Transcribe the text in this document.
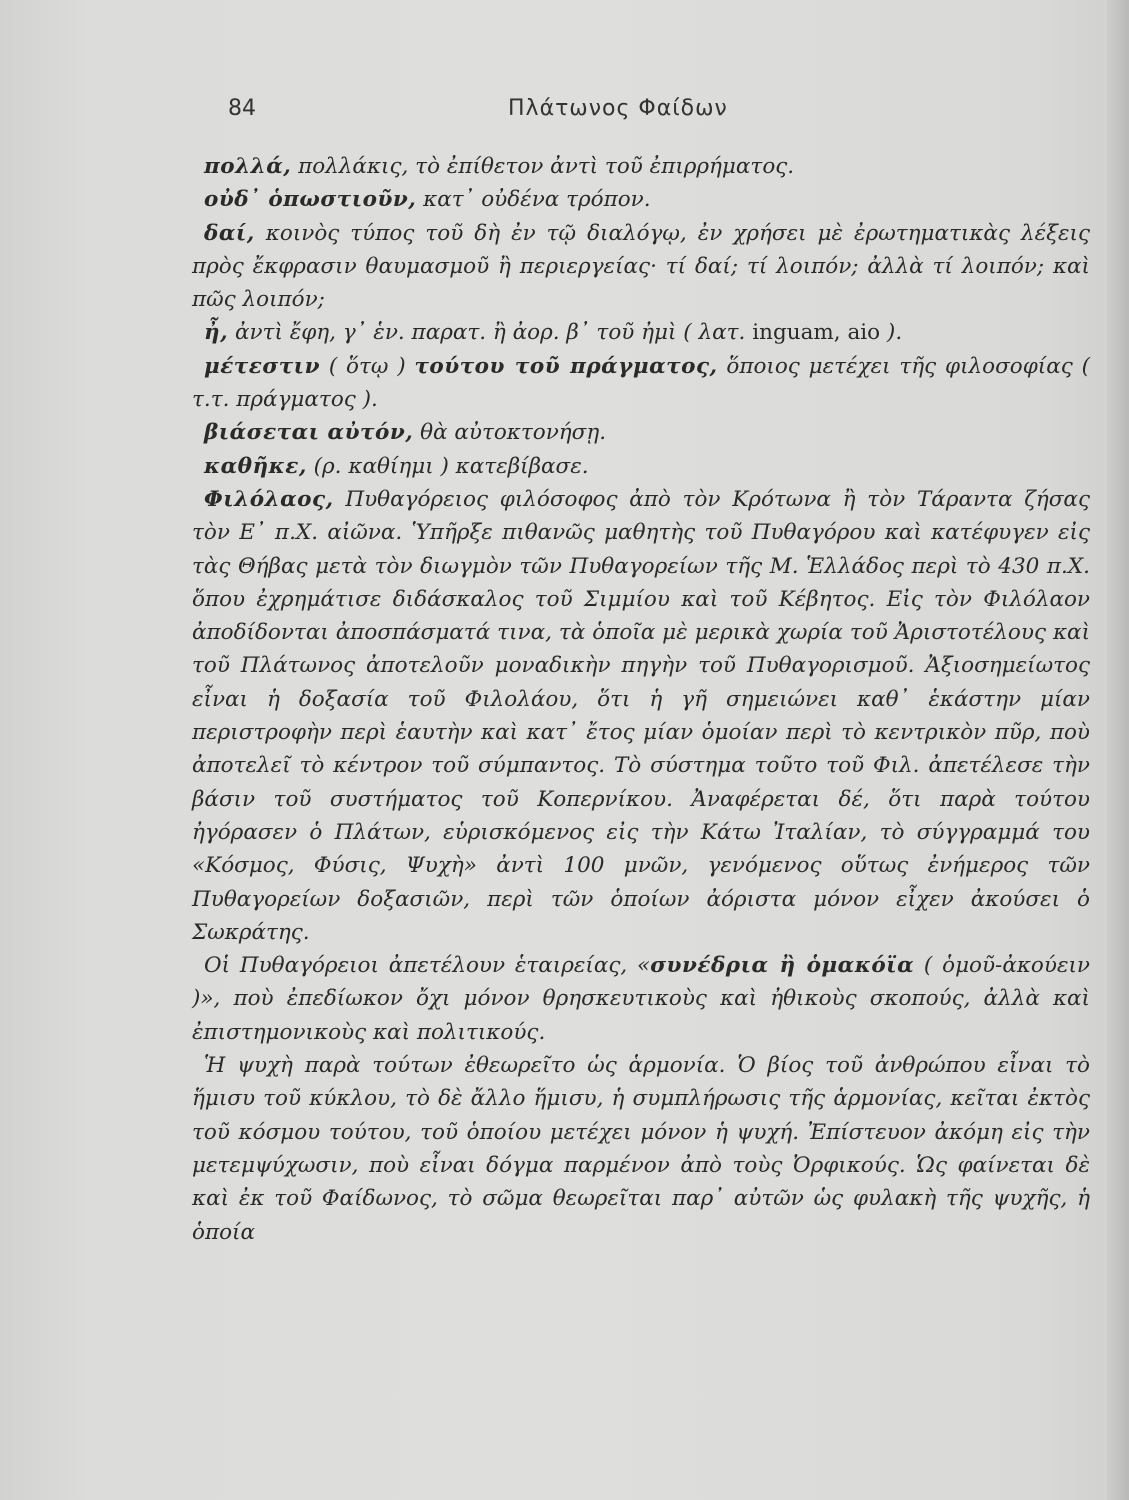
84	Πλάτωνος Φαίδων

πολλά, πολλάκις, τὸ ἐπίθετον ἀντὶ τοῦ ἐπιρρήματος.

οὐδ᾽ ὁπωστιοῦν, κατ᾽ οὐδένα τρόπον.

δαί, κοινὸς τύπος τοῦ δὴ ἐν τῷ διαλόγῳ, ἐν χρήσει μὲ ἐρωτηματικὰς λέξεις πρὸς ἔκφρασιν θαυμασμοῦ ἢ περιεργείας· τί δαί; τί λοιπόν; ἀλλὰ τί λοιπόν; καὶ πῶς λοιπόν;

ἦ, ἀντὶ ἔφη, γ᾽ ἑν. παρατ. ἢ ἀορ. β᾽ τοῦ ἠμὶ ( λατ. inguam, aio ).

μέτεστιν ( ὅτῳ ) τούτου τοῦ πράγματος, ὅποιος μετέχει τῆς φιλοσοφίας ( τ.τ. πράγματος ).

βιάσεται αὐτόν, θὰ αὐτοκτονήσῃ.

καθῆκε, (ρ. καθίημι ) κατεβίβασε.

Φιλόλαος, Πυθαγόρειος φιλόσοφος ἀπὸ τὸν Κρότωνα ἢ τὸν Τάραντα ζήσας τὸν Ε᾽ π.Χ. αἰῶνα. Ὑπῆρξε πιθανῶς μαθητὴς τοῦ Πυθαγόρου καὶ κατέφυγεν εἰς τὰς Θήβας μετὰ τὸν διωγμὸν τῶν Πυθαγορείων τῆς Μ. Ἑλλάδος περὶ τὸ 430 π.Χ. ὅπου ἐχρημάτισε διδάσκαλος τοῦ Σιμμίου καὶ τοῦ Κέβητος. Εἰς τὸν Φιλόλαον ἀποδίδονται ἀποσπάσματά τινα, τὰ ὁποῖα μὲ μερικὰ χωρία τοῦ Ἀριστοτέλους καὶ τοῦ Πλάτωνος ἀποτελοῦν μοναδικὴν πηγὴν τοῦ Πυθαγορισμοῦ. Ἀξιοσημείωτος εἶναι ἡ δοξασία τοῦ Φιλολάου, ὅτι ἡ γῆ σημειώνει καθ᾽ ἑκάστην μίαν περιστροφὴν περὶ ἑαυτὴν καὶ κατ᾽ ἔτος μίαν ὁμοίαν περὶ τὸ κεντρικὸν πῦρ, ποὺ ἀποτελεῖ τὸ κέντρον τοῦ σύμπαντος. Τὸ σύστημα τοῦτο τοῦ Φιλ. ἀπετέλεσε τὴν βάσιν τοῦ συστήματος τοῦ Κοπερνίκου. Ἀναφέρεται δέ, ὅτι παρὰ τούτου ἠγόρασεν ὁ Πλάτων, εὑρισκόμενος εἰς τὴν Κάτω Ἰταλίαν, τὸ σύγγραμμά του «Κόσμος, Φύσις, Ψυχὴ» ἀντὶ 100 μνῶν, γενόμενος οὕτως ἐνήμερος τῶν Πυθαγορείων δοξασιῶν, περὶ τῶν ὁποίων ἀόριστα μόνον εἶχεν ἀκούσει ὁ Σωκράτης.

Οἱ Πυθαγόρειοι ἀπετέλουν ἑταιρείας, «συνέδρια ἢ ὁμακόϊα ( ὁμοῦ-ἀκούειν )», ποὺ ἐπεδίωκον ὄχι μόνον θρησκευτικοὺς καὶ ἠθικοὺς σκοπούς, ἀλλὰ καὶ ἐπιστημονικοὺς καὶ πολιτικούς.

Ἡ ψυχὴ παρὰ τούτων ἐθεωρεῖτο ὡς ἁρμονία. Ὁ βίος τοῦ ἀνθρώπου εἶναι τὸ ἥμισυ τοῦ κύκλου, τὸ δὲ ἄλλο ἥμισυ, ἡ συμπλήρωσις τῆς ἁρμονίας, κεῖται ἐκτὸς τοῦ κόσμου τούτου, τοῦ ὁποίου μετέχει μόνον ἡ ψυχή. Ἐπίστευον ἀκόμη εἰς τὴν μετεμψύχωσιν, ποὺ εἶναι δόγμα παρμένον ἀπὸ τοὺς Ὀρφικούς. Ὡς φαίνεται δὲ καὶ ἐκ τοῦ Φαίδωνος, τὸ σῶμα θεωρεῖται παρ᾽ αὐτῶν ὡς φυλακὴ τῆς ψυχῆς, ἡ ὁποία
